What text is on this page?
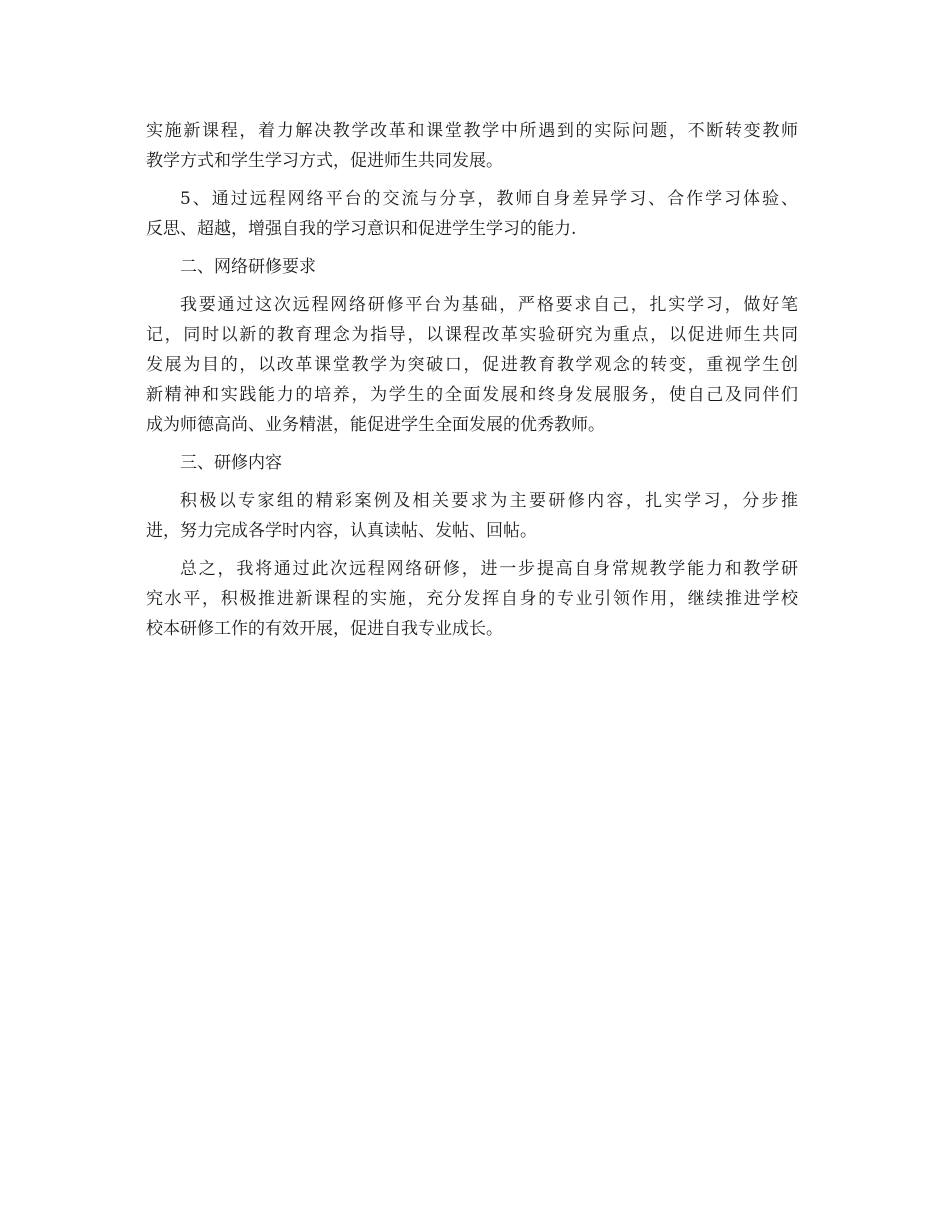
实施新课程，着力解决教学改革和课堂教学中所遇到的实际问题，不断转变教师
教学方式和学生学习方式，促进师生共同发展。
5、通过远程网络平台的交流与分享，教师自身差异学习、合作学习体验、
反思、超越，增强自我的学习意识和促进学生学习的能力.
二、网络研修要求
我要通过这次远程网络研修平台为基础，严格要求自己，扎实学习，做好笔
记，同时以新的教育理念为指导，以课程改革实验研究为重点，以促进师生共同
发展为目的，以改革课堂教学为突破口，促进教育教学观念的转变，重视学生创
新精神和实践能力的培养，为学生的全面发展和终身发展服务，使自己及同伴们
成为师德高尚、业务精湛，能促进学生全面发展的优秀教师。
三、研修内容
积极以专家组的精彩案例及相关要求为主要研修内容，扎实学习，分步推
进，努力完成各学时内容，认真读帖、发帖、回帖。
总之，我将通过此次远程网络研修，进一步提高自身常规教学能力和教学研
究水平，积极推进新课程的实施，充分发挥自身的专业引领作用，继续推进学校
校本研修工作的有效开展，促进自我专业成长。
